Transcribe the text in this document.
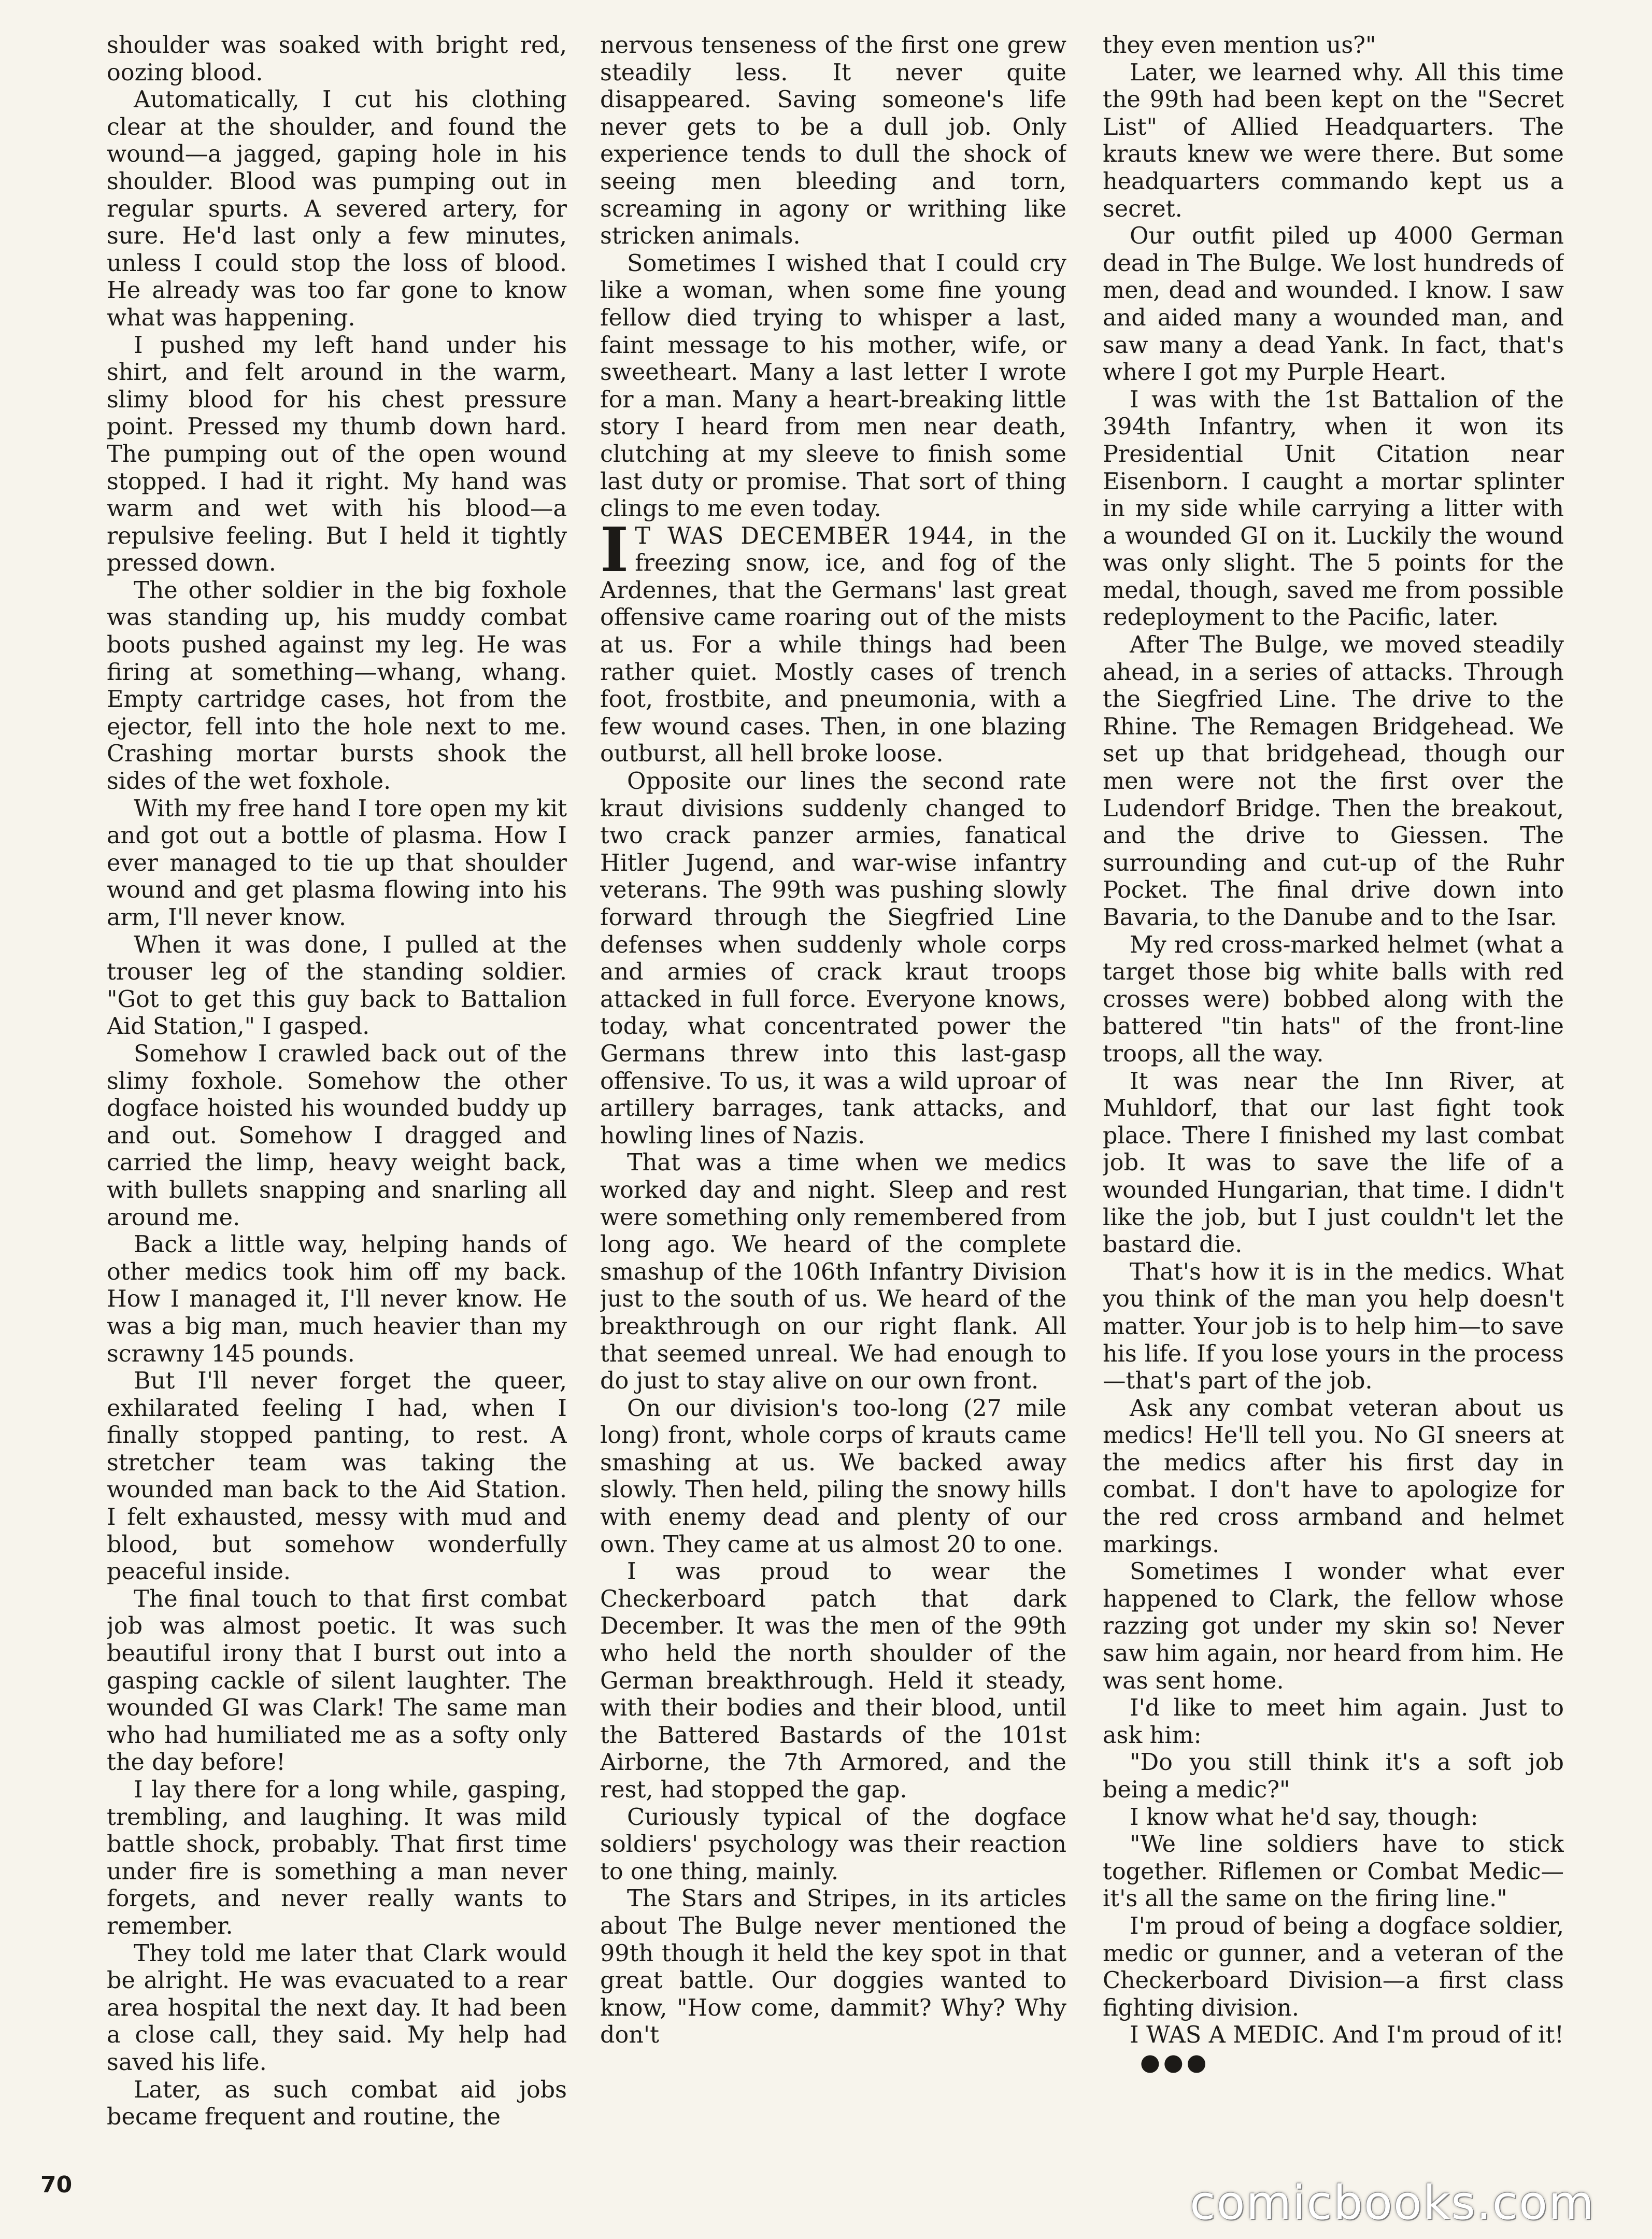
shoulder was soaked with bright red, oozing blood.

Automatically, I cut his clothing clear at the shoulder, and found the wound—a jagged, gaping hole in his shoulder. Blood was pumping out in regular spurts. A severed artery, for sure. He'd last only a few minutes, unless I could stop the loss of blood. He already was too far gone to know what was happening.

I pushed my left hand under his shirt, and felt around in the warm, slimy blood for his chest pressure point. Pressed my thumb down hard. The pumping out of the open wound stopped. I had it right. My hand was warm and wet with his blood—a repulsive feeling. But I held it tightly pressed down.

The other soldier in the big foxhole was standing up, his muddy combat boots pushed against my leg. He was firing at something—whang, whang. Empty cartridge cases, hot from the ejector, fell into the hole next to me. Crashing mortar bursts shook the sides of the wet foxhole.

With my free hand I tore open my kit and got out a bottle of plasma. How I ever managed to tie up that shoulder wound and get plasma flowing into his arm, I'll never know.

When it was done, I pulled at the trouser leg of the standing soldier. "Got to get this guy back to Battalion Aid Station," I gasped.

Somehow I crawled back out of the slimy foxhole. Somehow the other dogface hoisted his wounded buddy up and out. Somehow I dragged and carried the limp, heavy weight back, with bullets snapping and snarling all around me.

Back a little way, helping hands of other medics took him off my back. How I managed it, I'll never know. He was a big man, much heavier than my scrawny 145 pounds.

But I'll never forget the queer, exhilarated feeling I had, when I finally stopped panting, to rest. A stretcher team was taking the wounded man back to the Aid Station. I felt exhausted, messy with mud and blood, but somehow wonderfully peaceful inside.

The final touch to that first combat job was almost poetic. It was such beautiful irony that I burst out into a gasping cackle of silent laughter. The wounded GI was Clark! The same man who had humiliated me as a softy only the day before!

I lay there for a long while, gasping, trembling, and laughing. It was mild battle shock, probably. That first time under fire is something a man never forgets, and never really wants to remember.

They told me later that Clark would be alright. He was evacuated to a rear area hospital the next day. It had been a close call, they said. My help had saved his life.

Later, as such combat aid jobs became frequent and routine, the

nervous tenseness of the first one grew steadily less. It never quite disappeared. Saving someone's life never gets to be a dull job. Only experience tends to dull the shock of seeing men bleeding and torn, screaming in agony or writhing like stricken animals.

Sometimes I wished that I could cry like a woman, when some fine young fellow died trying to whisper a last, faint message to his mother, wife, or sweetheart. Many a last letter I wrote for a man. Many a heart-breaking little story I heard from men near death, clutching at my sleeve to finish some last duty or promise. That sort of thing clings to me even today.

I T WAS DECEMBER 1944, in the freezing snow, ice, and fog of the Ardennes, that the Germans' last great offensive came roaring out of the mists at us. For a while things had been rather quiet. Mostly cases of trench foot, frostbite, and pneumonia, with a few wound cases. Then, in one blazing outburst, all hell broke loose.

Opposite our lines the second rate kraut divisions suddenly changed to two crack panzer armies, fanatical Hitler Jugend, and war-wise infantry veterans. The 99th was pushing slowly forward through the Siegfried Line defenses when suddenly whole corps and armies of crack kraut troops attacked in full force. Everyone knows, today, what concentrated power the Germans threw into this last-gasp offensive. To us, it was a wild uproar of artillery barrages, tank attacks, and howling lines of Nazis.

That was a time when we medics worked day and night. Sleep and rest were something only remembered from long ago. We heard of the complete smashup of the 106th Infantry Division just to the south of us. We heard of the breakthrough on our right flank. All that seemed unreal. We had enough to do just to stay alive on our own front.

On our division's too-long (27 mile long) front, whole corps of krauts came smashing at us. We backed away slowly. Then held, piling the snowy hills with enemy dead and plenty of our own. They came at us almost 20 to one.

I was proud to wear the Checkerboard patch that dark December. It was the men of the 99th who held the north shoulder of the German breakthrough. Held it steady, with their bodies and their blood, until the Battered Bastards of the 101st Airborne, the 7th Armored, and the rest, had stopped the gap.

Curiously typical of the dogface soldiers' psychology was their reaction to one thing, mainly.

The Stars and Stripes, in its articles about The Bulge never mentioned the 99th though it held the key spot in that great battle. Our doggies wanted to know, "How come, dammit? Why? Why don't

they even mention us?"

Later, we learned why. All this time the 99th had been kept on the "Secret List" of Allied Headquarters. The krauts knew we were there. But some headquarters commando kept us a secret.

Our outfit piled up 4000 German dead in The Bulge. We lost hundreds of men, dead and wounded. I know. I saw and aided many a wounded man, and saw many a dead Yank. In fact, that's where I got my Purple Heart.

I was with the 1st Battalion of the 394th Infantry, when it won its Presidential Unit Citation near Eisenborn. I caught a mortar splinter in my side while carrying a litter with a wounded GI on it. Luckily the wound was only slight. The 5 points for the medal, though, saved me from possible redeployment to the Pacific, later.

After The Bulge, we moved steadily ahead, in a series of attacks. Through the Siegfried Line. The drive to the Rhine. The Remagen Bridgehead. We set up that bridgehead, though our men were not the first over the Ludendorf Bridge. Then the breakout, and the drive to Giessen. The surrounding and cut-up of the Ruhr Pocket. The final drive down into Bavaria, to the Danube and to the Isar.

My red cross-marked helmet (what a target those big white balls with red crosses were) bobbed along with the battered "tin hats" of the front-line troops, all the way.

It was near the Inn River, at Muhldorf, that our last fight took place. There I finished my last combat job. It was to save the life of a wounded Hungarian, that time. I didn't like the job, but I just couldn't let the bastard die.

That's how it is in the medics. What you think of the man you help doesn't matter. Your job is to help him—to save his life. If you lose yours in the process—that's part of the job.

Ask any combat veteran about us medics! He'll tell you. No GI sneers at the medics after his first day in combat. I don't have to apologize for the red cross armband and helmet markings.

Sometimes I wonder what ever happened to Clark, the fellow whose razzing got under my skin so! Never saw him again, nor heard from him. He was sent home.

I'd like to meet him again. Just to ask him:

"Do you still think it's a soft job being a medic?"

I know what he'd say, though:

"We line soldiers have to stick together. Riflemen or Combat Medic—it's all the same on the firing line."

I'm proud of being a dogface soldier, medic or gunner, and a veteran of the Checkerboard Division—a first class fighting division.

I WAS A MEDIC. And I'm proud of it!●●●

70	comicbooks.com
